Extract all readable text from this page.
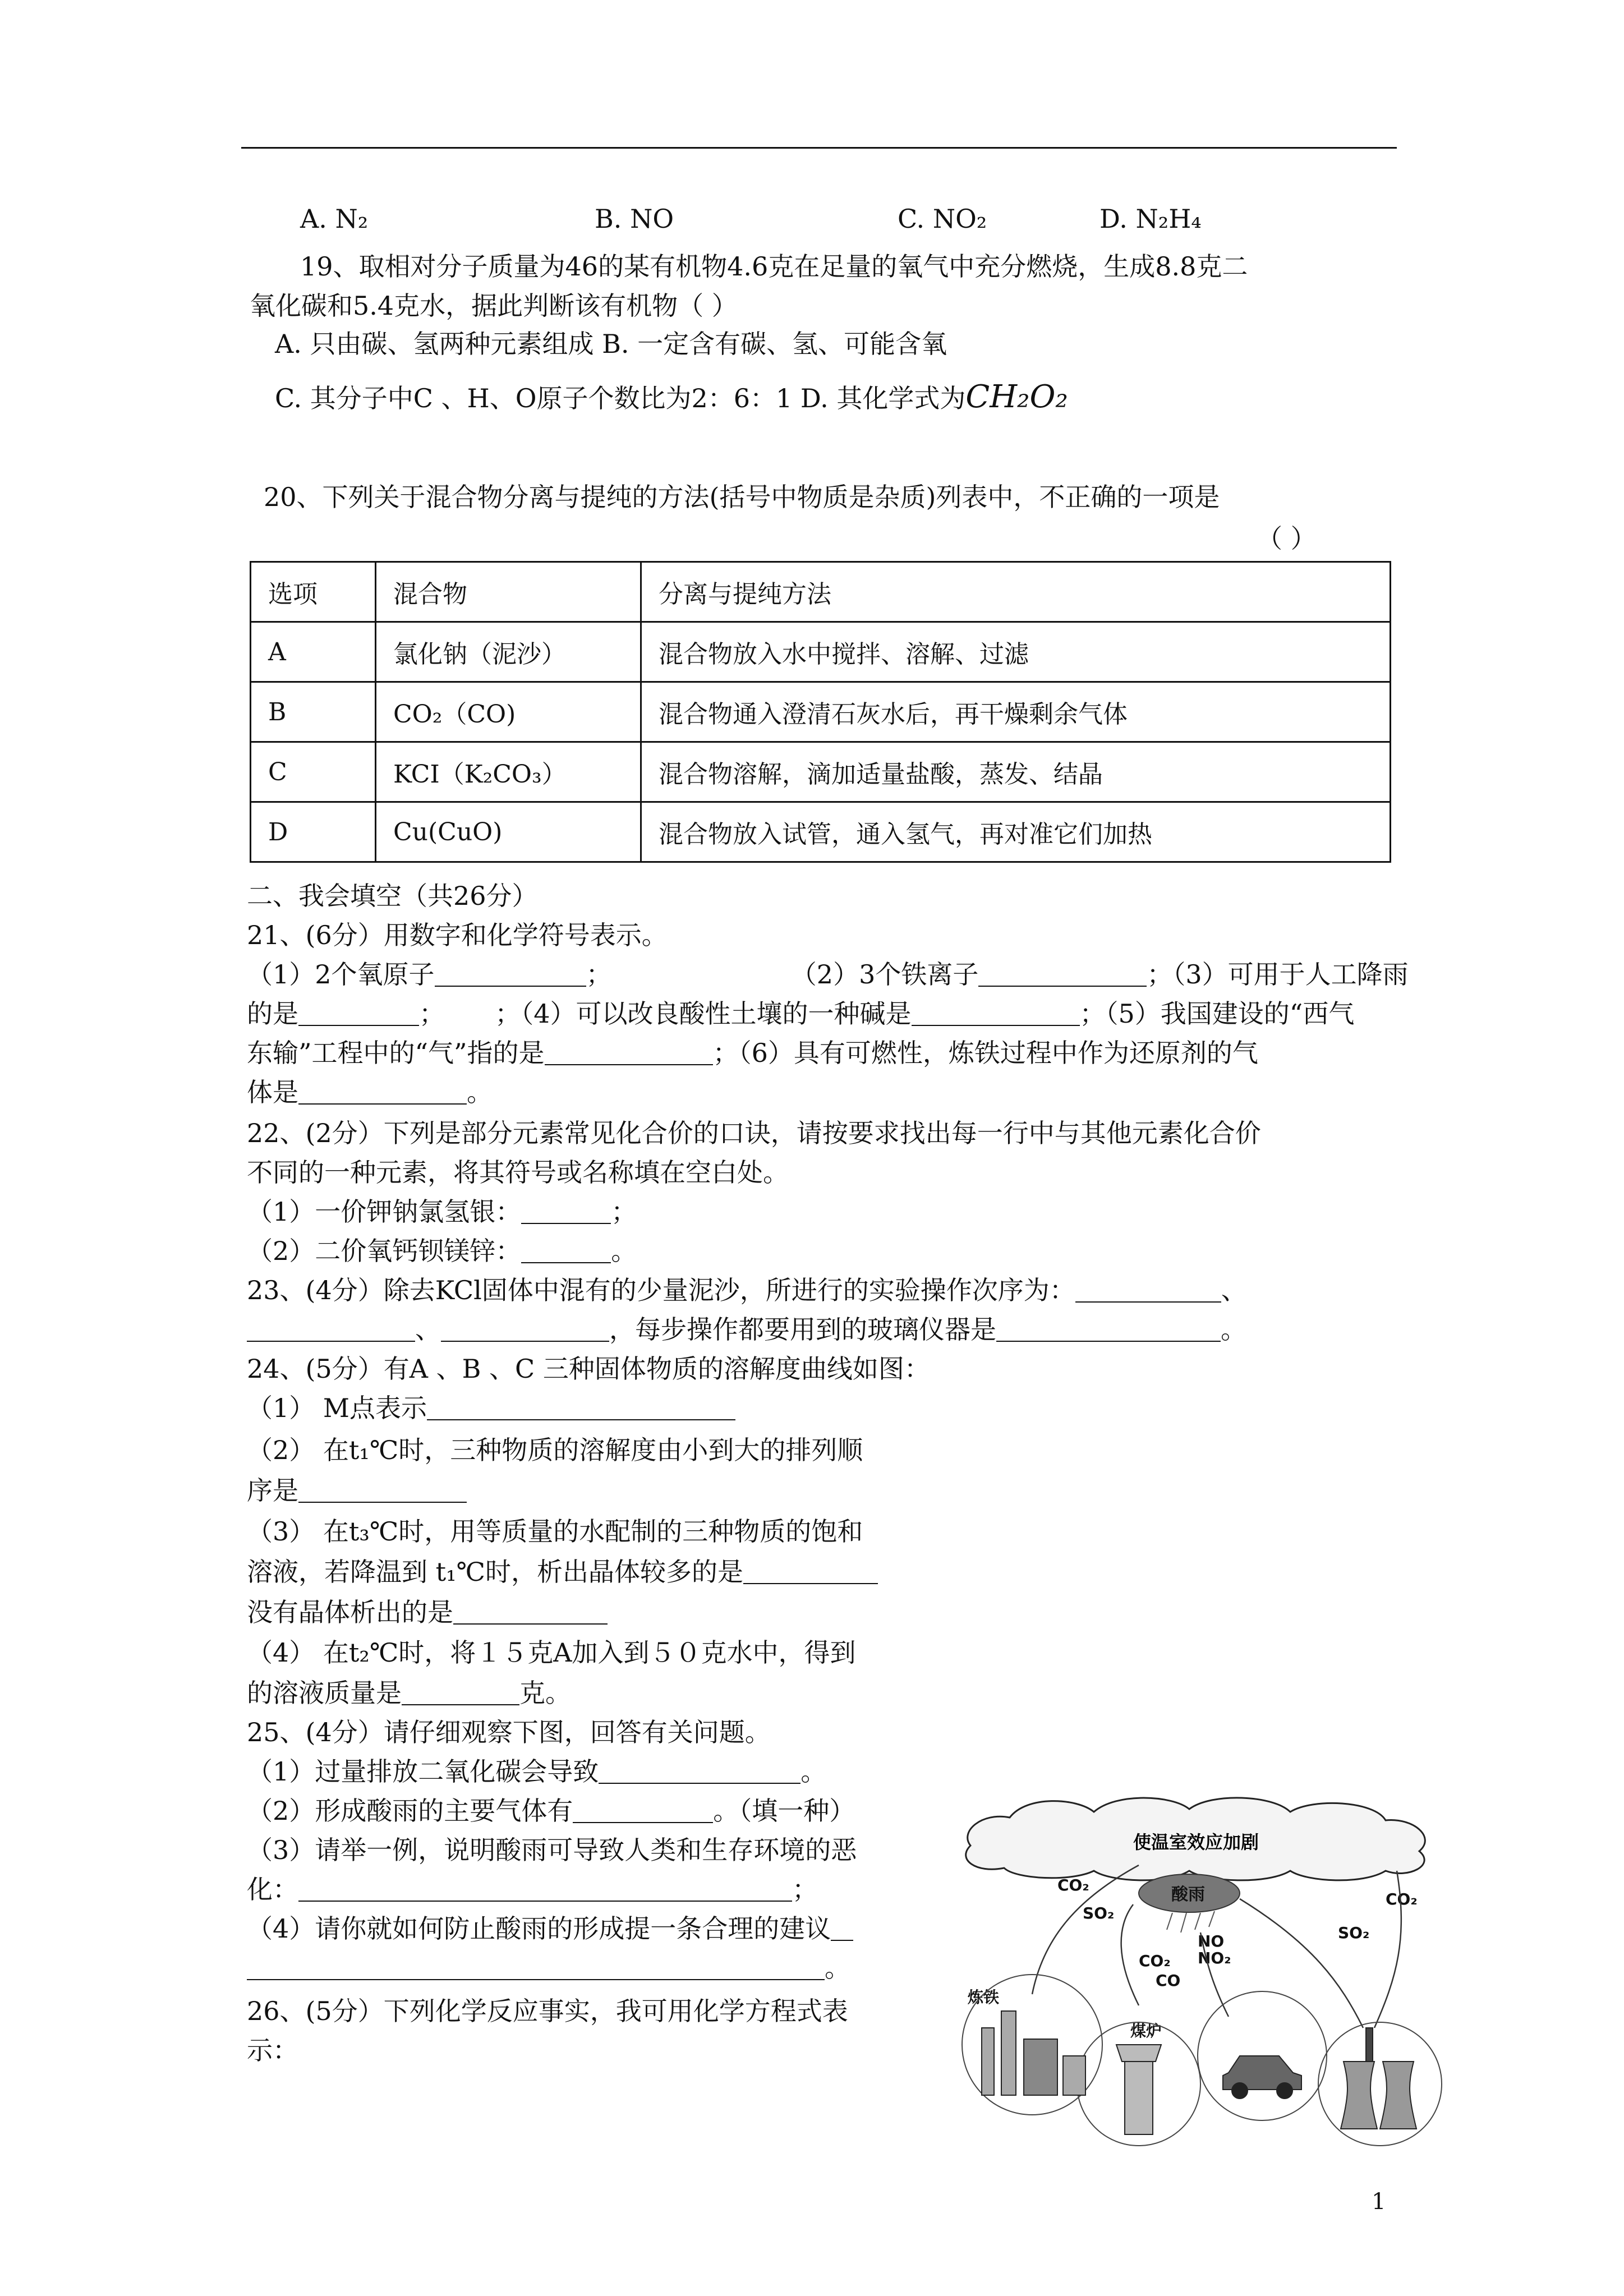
A. N₂	B. NO	C. NO₂	D. N₂H₄
19、取相对分子质量为46的某有机物4.6克在足量的氧气中充分燃烧，生成8.8克二
氧化碳和5.4克水，据此判断该有机物（ ）
A. 只由碳、氢两种元素组成 B. 一定含有碳、氢、可能含氧
C. 其分子中C 、H、O原子个数比为2：6：1 D. 其化学式为CH₂O₂
20、下列关于混合物分离与提纯的方法(括号中物质是杂质)列表中，不正确的一项是
（ ）
选项	混合物	分离与提纯方法
A	氯化钠（泥沙）	混合物放入水中搅拌、溶解、过滤
B	CO₂（CO)	混合物通入澄清石灰水后，再干燥剩余气体
C	KCI（K₂CO₃）	混合物溶解，滴加适量盐酸，蒸发、结晶
D	Cu(CuO)	混合物放入试管，通入氢气，再对准它们加热
二、我会填空（共26分）
21、(6分）用数字和化学符号表示。
（1）2个氧原子	；	（2）3个铁离子	；（3）可用于人工降雨
的是	； ；（4）可以改良酸性土壤的一种碱是	；（5）我国建设的“西气
东输”工程中的“气”指的是	；（6）具有可燃性，炼铁过程中作为还原剂的气
体是	。
22、(2分）下列是部分元素常见化合价的口诀，请按要求找出每一行中与其他元素化合价
不同的一种元素，将其符号或名称填在空白处。
（1）一价钾钠氯氢银：	；
（2）二价氧钙钡镁锌：	。
23、(4分）除去KCl固体中混有的少量泥沙，所进行的实验操作次序为：	、
、	，每步操作都要用到的玻璃仪器是	。
24、(5分）有A 、B 、C 三种固体物质的溶解度曲线如图：
（1） M点表示
（2） 在t₁℃时，三种物质的溶解度由小到大的排列顺
序是
（3） 在t₃℃时，用等质量的水配制的三种物质的饱和
溶液，若降温到 t₁℃时，析出晶体较多的是
没有晶体析出的是
（4） 在t₂℃时，将１５克A加入到５０克水中，得到
的溶液质量是	克。
25、(4分）请仔细观察下图，回答有关问题。
（1）过量排放二氧化碳会导致	。
（2）形成酸雨的主要气体有	。（填一种）
（3）请举一例，说明酸雨可导致人类和生存环境的恶
化：	；
（4）请你就如何防止酸雨的形成提一条合理的建议
。
26、(5分）下列化学反应事实，我可用化学方程式表
示：
使温室效应加剧
酸雨
CO₂
SO₂
CO₂
SO₂
NO
NO₂
CO₂
CO
炼铁
煤炉
1
